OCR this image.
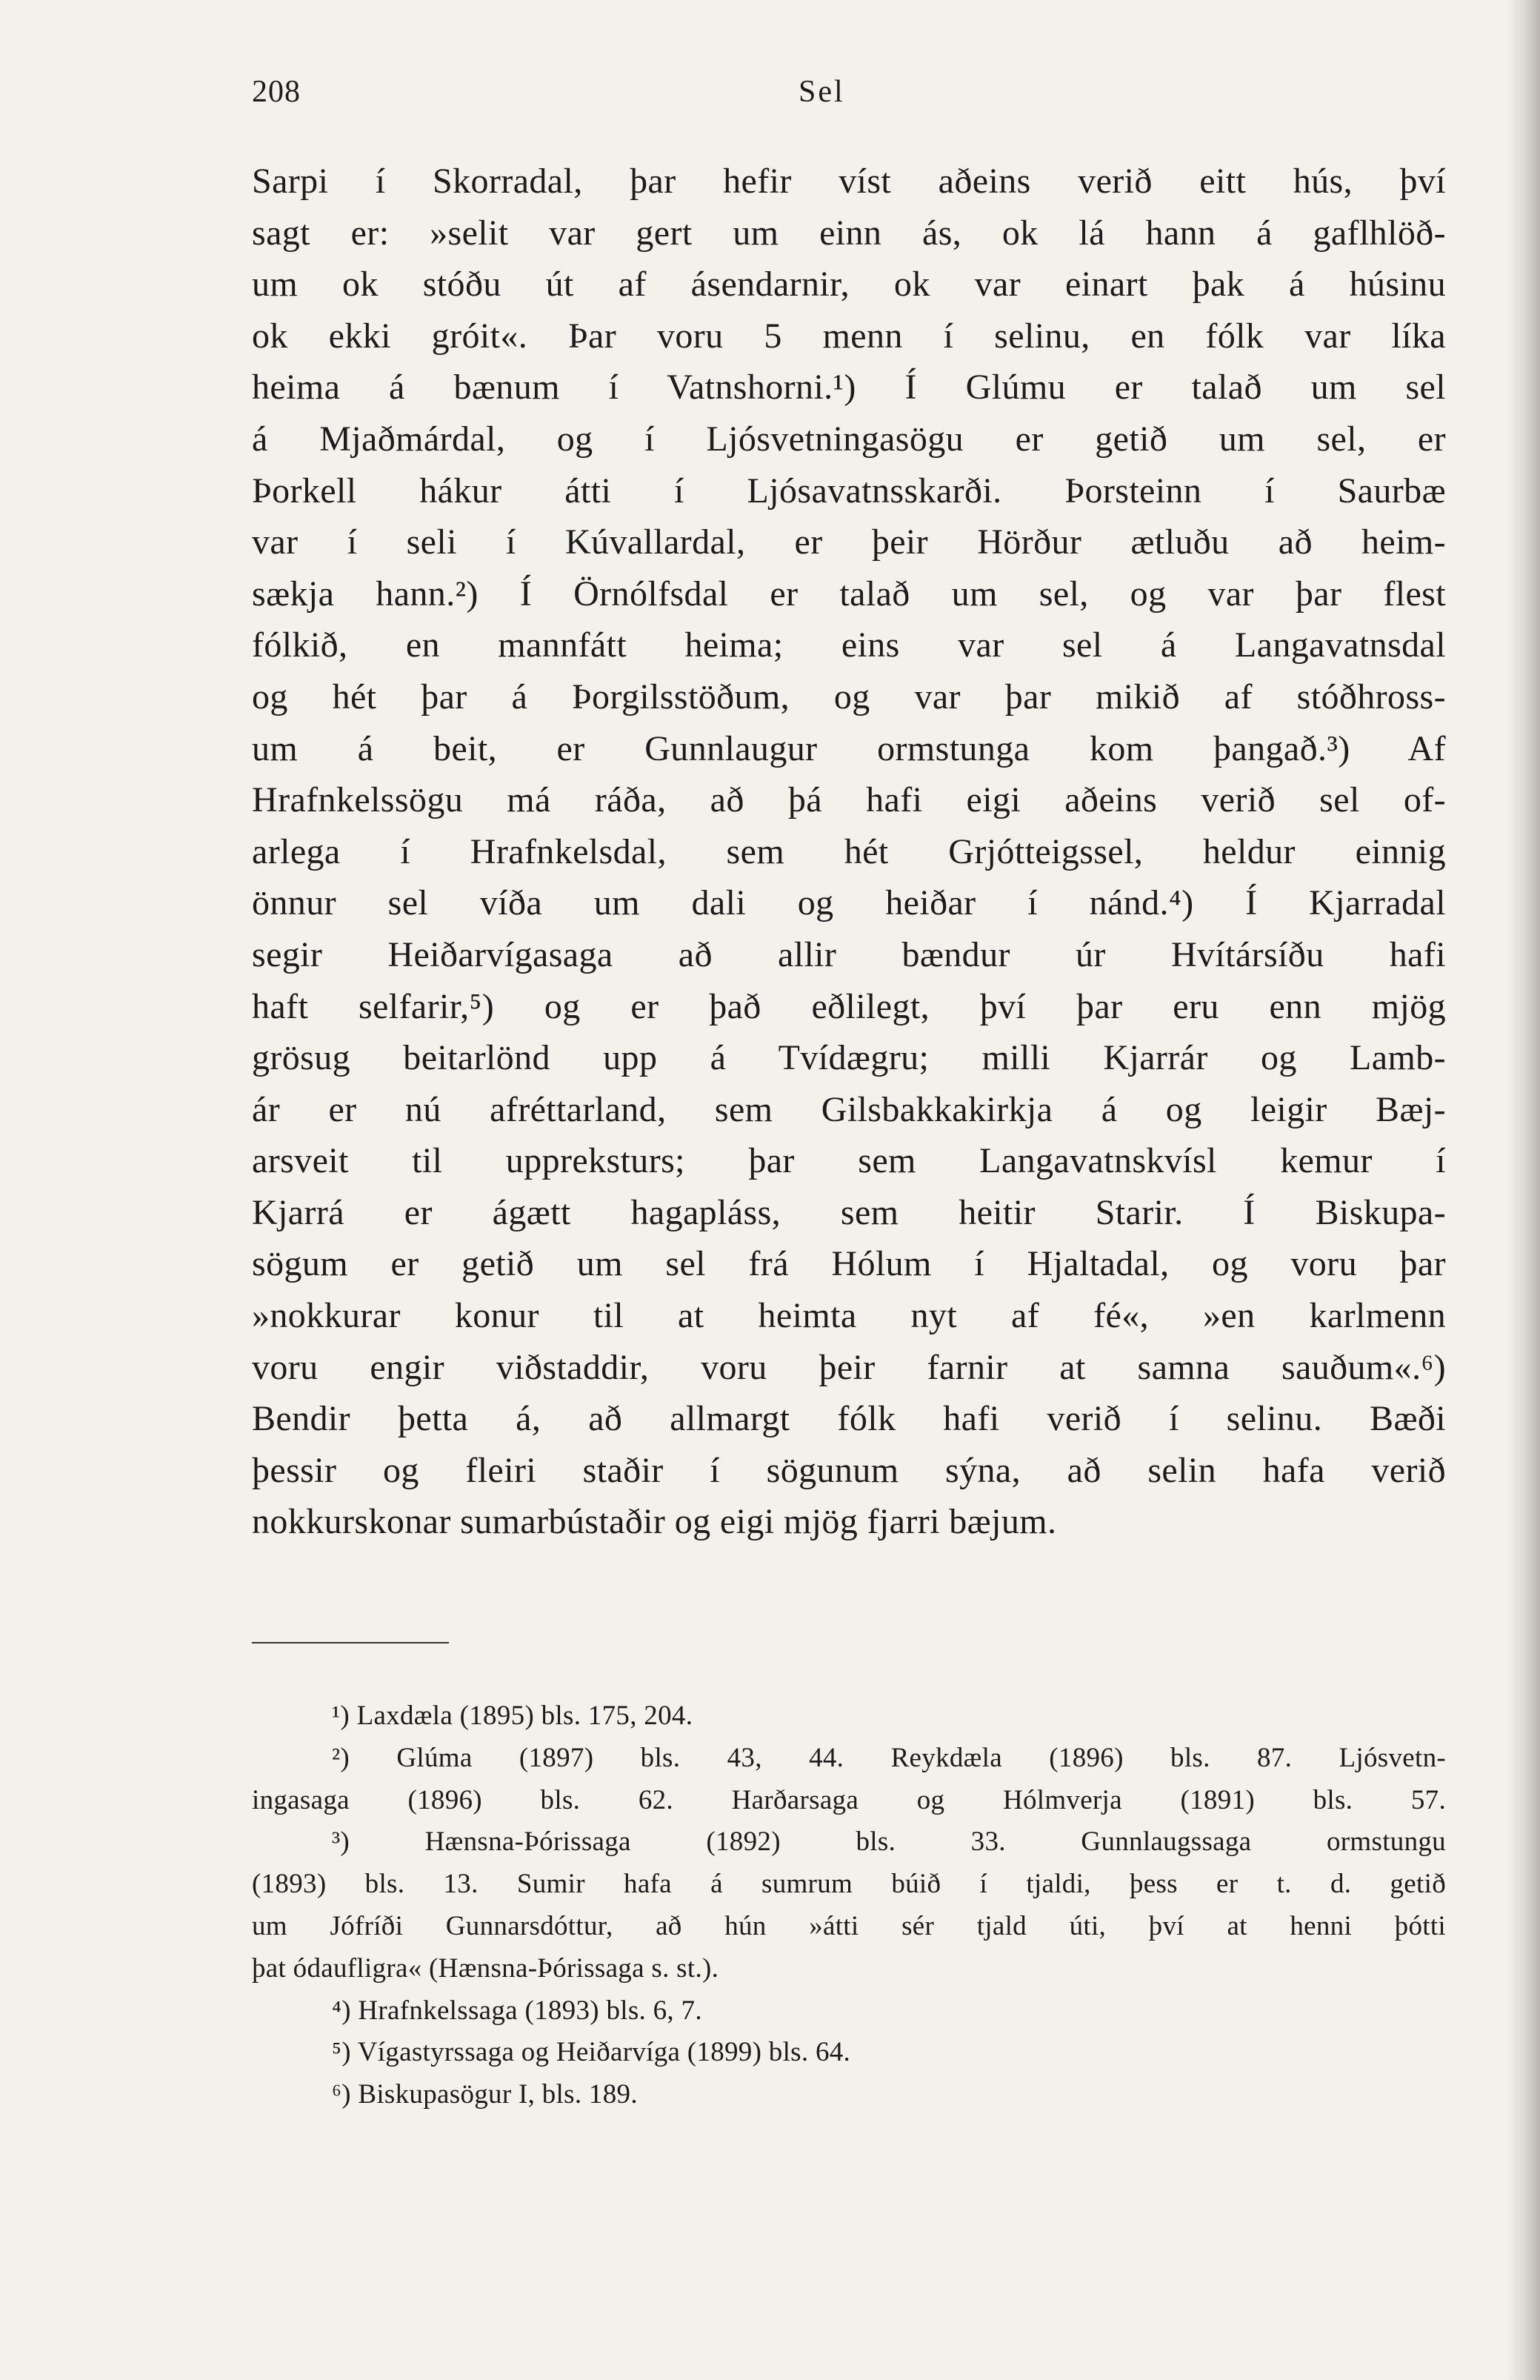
208	Sel
Sarpi í Skorradal, þar hefir víst aðeins verið eitt hús, því
sagt er: »selit var gert um einn ás, ok lá hann á gaflhlöð-
um ok stóðu út af ásendarnir, ok var einart þak á húsinu
ok ekki gróit«. Þar voru 5 menn í selinu, en fólk var líka
heima á bænum í Vatnshorni.¹) Í Glúmu er talað um sel
á Mjaðmárdal, og í Ljósvetningasögu er getið um sel, er
Þorkell hákur átti í Ljósavatnsskarði. Þorsteinn í Saurbæ
var í seli í Kúvallardal, er þeir Hörður ætluðu að heim-
sækja hann.²) Í Örnólfsdal er talað um sel, og var þar flest
fólkið, en mannfátt heima; eins var sel á Langavatnsdal
og hét þar á Þorgilsstöðum, og var þar mikið af stóðhross-
um á beit, er Gunnlaugur ormstunga kom þangað.³) Af
Hrafnkelssögu má ráða, að þá hafi eigi aðeins verið sel of-
arlega í Hrafnkelsdal, sem hét Grjótteigssel, heldur einnig
önnur sel víða um dali og heiðar í nánd.⁴) Í Kjarradal
segir Heiðarvígasaga að allir bændur úr Hvítársíðu hafi
haft selfarir,⁵) og er það eðlilegt, því þar eru enn mjög
grösug beitarlönd upp á Tvídægru; milli Kjarrár og Lamb-
ár er nú afréttarland, sem Gilsbakkakirkja á og leigir Bæj-
arsveit til uppreksturs; þar sem Langavatnskvísl kemur í
Kjarrá er ágætt hagapláss, sem heitir Starir. Í Biskupa-
sögum er getið um sel frá Hólum í Hjaltadal, og voru þar
»nokkurar konur til at heimta nyt af fé«, »en karlmenn
voru engir viðstaddir, voru þeir farnir at samna sauðum«.⁶)
Bendir þetta á, að allmargt fólk hafi verið í selinu. Bæði
þessir og fleiri staðir í sögunum sýna, að selin hafa verið
nokkurskonar sumarbústaðir og eigi mjög fjarri bæjum.
¹) Laxdæla (1895) bls. 175, 204.
²) Glúma (1897) bls. 43, 44. Reykdæla (1896) bls. 87. Ljósvetn-
ingasaga (1896) bls. 62. Harðarsaga og Hólmverja (1891) bls. 57.
³) Hænsna-Þórissaga (1892) bls. 33. Gunnlaugssaga ormstungu
(1893) bls. 13. Sumir hafa á sumrum búið í tjaldi, þess er t. d. getið
um Jófríði Gunnarsdóttur, að hún »átti sér tjald úti, því at henni þótti
þat ódaufligra« (Hænsna-Þórissaga s. st.).
⁴) Hrafnkelssaga (1893) bls. 6, 7.
⁵) Vígastyrssaga og Heiðarvíga (1899) bls. 64.
⁶) Biskupasögur I, bls. 189.
